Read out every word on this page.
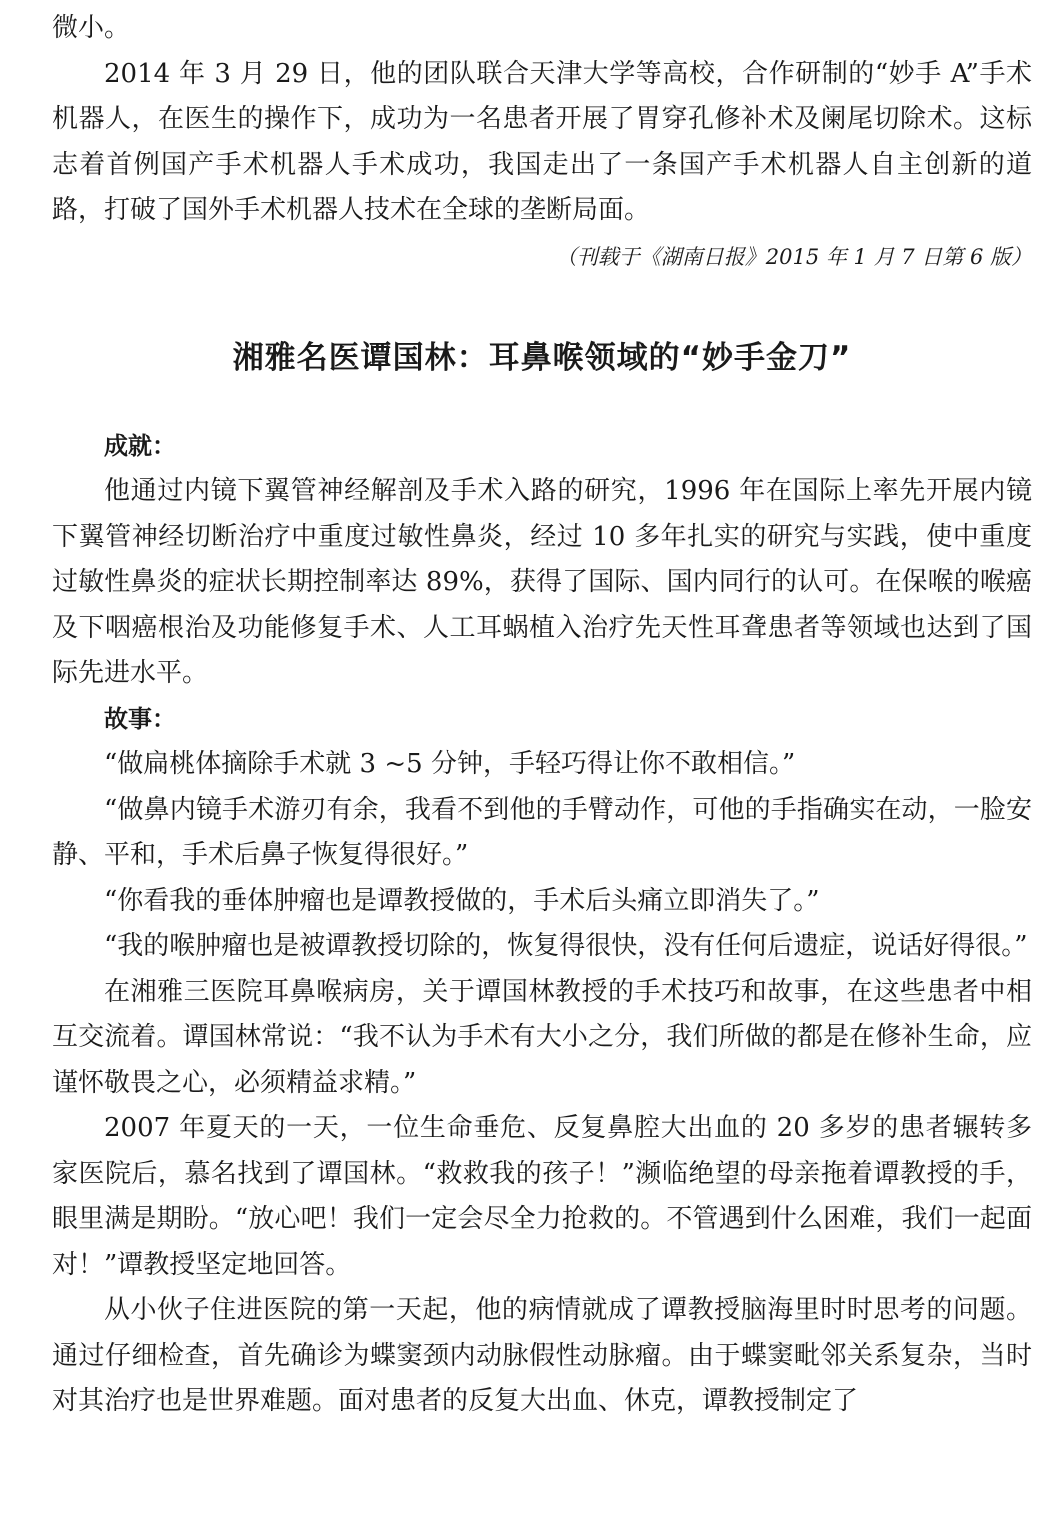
微小。

2014 年 3 月 29 日，他的团队联合天津大学等高校，合作研制的“妙手 A”手术机器人，在医生的操作下，成功为一名患者开展了胃穿孔修补术及阑尾切除术。这标志着首例国产手术机器人手术成功，我国走出了一条国产手术机器人自主创新的道路，打破了国外手术机器人技术在全球的垄断局面。

（刊载于《湖南日报》2015 年 1 月 7 日第 6 版）

湘雅名医谭国林：耳鼻喉领域的“妙手金刀”
成就：

他通过内镜下翼管神经解剖及手术入路的研究，1996 年在国际上率先开展内镜下翼管神经切断治疗中重度过敏性鼻炎，经过 10 多年扎实的研究与实践，使中重度过敏性鼻炎的症状长期控制率达 89%，获得了国际、国内同行的认可。在保喉的喉癌及下咽癌根治及功能修复手术、人工耳蜗植入治疗先天性耳聋患者等领域也达到了国际先进水平。

故事：

“做扁桃体摘除手术就 3 ~5 分钟，手轻巧得让你不敢相信。”

“做鼻内镜手术游刃有余，我看不到他的手臂动作，可他的手指确实在动，一脸安静、平和，手术后鼻子恢复得很好。”

“你看我的垂体肿瘤也是谭教授做的，手术后头痛立即消失了。”

“我的喉肿瘤也是被谭教授切除的，恢复得很快，没有任何后遗症，说话好得很。”

在湘雅三医院耳鼻喉病房，关于谭国林教授的手术技巧和故事，在这些患者中相互交流着。谭国林常说：“我不认为手术有大小之分，我们所做的都是在修补生命，应谨怀敬畏之心，必须精益求精。”

2007 年夏天的一天，一位生命垂危、反复鼻腔大出血的 20 多岁的患者辗转多家医院后，慕名找到了谭国林。“救救我的孩子！”濒临绝望的母亲拖着谭教授的手，眼里满是期盼。“放心吧！我们一定会尽全力抢救的。不管遇到什么困难，我们一起面对！”谭教授坚定地回答。

从小伙子住进医院的第一天起，他的病情就成了谭教授脑海里时时思考的问题。通过仔细检查，首先确诊为蝶窦颈内动脉假性动脉瘤。由于蝶窦毗邻关系复杂，当时对其治疗也是世界难题。面对患者的反复大出血、休克，谭教授制定了
